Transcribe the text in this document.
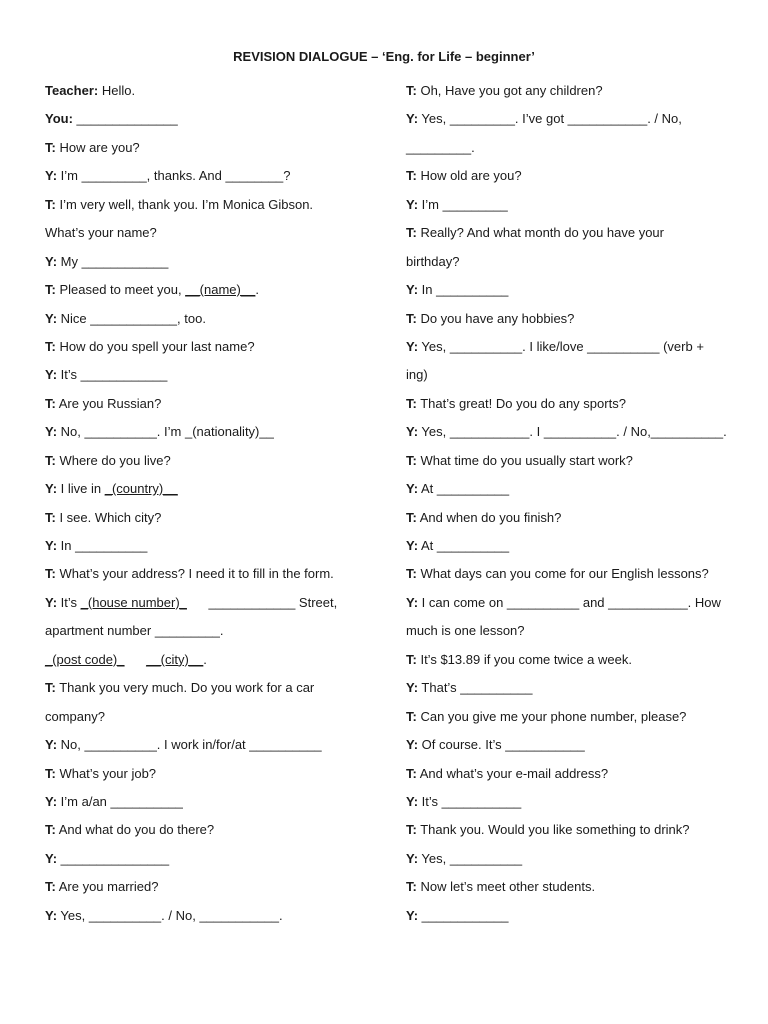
REVISION DIALOGUE – ‘Eng. for Life – beginner’
Teacher: Hello.
You: ______________
T: How are you?
Y: I’m _________, thanks. And ________?
T: I’m very well, thank you. I’m Monica Gibson.
What’s your name?
Y: My ____________
T: Pleased to meet you, __(name)__.
Y: Nice ____________, too.
T: How do you spell your last name?
Y: It’s ____________
T: Are you Russian?
Y: No, __________. I’m _(nationality)__
T: Where do you live?
Y: I live in _(country)__
T: I see. Which city?
Y: In __________
T: What’s your address? I need it to fill in the form.
Y: It’s _(house number)_      ____________ Street,
apartment number _________.
_(post code)_ __(city)__.
T: Thank you very much. Do you work for a car
company?
Y: No, __________. I work in/for/at __________
T: What’s your job?
Y: I’m a/an __________
T: And what do you do there?
Y: _______________
T: Are you married?
Y: Yes, __________. / No, ___________.
T: Oh, Have you got any children?
Y: Yes, _________. I’ve got ___________. / No,
_________.
T: How old are you?
Y: I’m _________
T: Really? And what month do you have your
birthday?
Y: In __________
T: Do you have any hobbies?
Y: Yes, __________. I like/love __________ (verb +
ing)
T: That’s great! Do you do any sports?
Y: Yes, ___________. I __________. / No,__________.
T: What time do you usually start work?
Y: At __________
T: And when do you finish?
Y: At __________
T: What days can you come for our English lessons?
Y: I can come on __________ and ___________. How
much is one lesson?
T: It’s $13.89 if you come twice a week.
Y: That’s __________
T: Can you give me your phone number, please?
Y: Of course. It’s ___________
T: And what’s your e-mail address?
Y: It’s ___________
T: Thank you. Would you like something to drink?
Y: Yes, __________
T: Now let’s meet other students.
Y: ____________
